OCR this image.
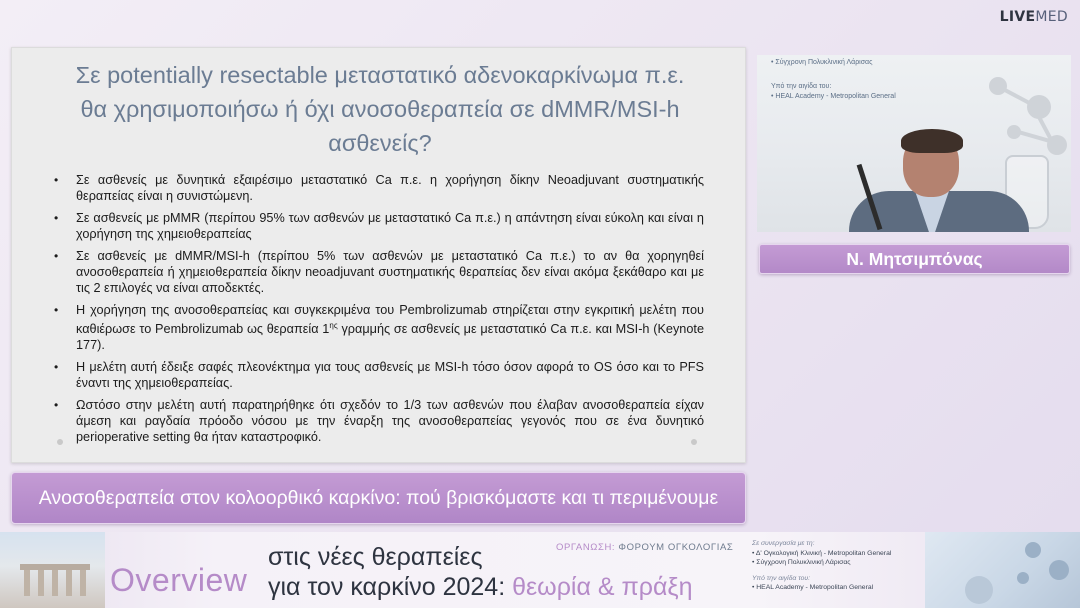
LIVEMED
Σε potentially resectable μεταστατικό αδενοκαρκίνωμα π.ε.
θα χρησιμοποιήσω ή όχι ανοσοθεραπεία σε dMMR/MSI-h
ασθενείς?
• Σε ασθενείς με δυνητικά εξαιρέσιμο μεταστατικό Ca π.ε. η χορήγηση δίκην Neoadjuvant συστηματικής θεραπείας είναι η συνιστώμενη.
• Σε ασθενείς με pMMR (περίπου 95% των ασθενών με μεταστατικό Ca π.ε.) η απάντηση είναι εύκολη και είναι η χορήγηση της χημειοθεραπείας
• Σε ασθενείς με dMMR/MSI-h (περίπου 5% των ασθενών με μεταστατικό Ca π.ε.) το αν θα χορηγηθεί ανοσοθεραπεία ή χημειοθεραπεία δίκην neoadjuvant συστηματικής θεραπείας δεν είναι ακόμα ξεκάθαρο και με τις 2 επιλογές να είναι αποδεκτές.
• Η χορήγηση της ανοσοθεραπείας και συγκεκριμένα του Pembrolizumab στηρίζεται στην εγκριτική μελέτη που καθιέρωσε το Pembrolizumab ως θεραπεία $1^{\eta\varsigma}$ γραμμής σε ασθενείς με μεταστατικό Ca π.ε. και MSI-h (Keynote 177).
• Η μελέτη αυτή έδειξε σαφές πλεονέκτημα για τους ασθενείς με MSI-h τόσο όσον αφορά το OS όσο και το PFS έναντι της χημειοθεραπείας.
• Ωστόσο στην μελέτη αυτή παρατηρήθηκε ότι σχεδόν το 1/3 των ασθενών που έλαβαν ανοσοθεραπεία είχαν άμεση και ραγδαία πρόοδο νόσου με την έναρξη της ανοσοθεραπείας γεγονός που σε ένα δυνητικό perioperative setting θα ήταν καταστροφικό.
• Σύγχρονη Πολυκλινική Λάρισας
Υπό την αιγίδα του:
• HEAL Academy - Metropolitan General
Ν. Μητσιμπόνας
Ανοσοθεραπεία στον κολοορθικό καρκίνο: πού βρισκόμαστε και τι περιμένουμε
Overview
στις νέες θεραπείες
για τον καρκίνο 2024: θεωρία & πράξη
ΟΡΓΑΝΩΣΗ: ΦΟΡΟΥΜ ΟΓΚΟΛΟΓΙΑΣ	Σε συνεργασία με τη:
• Δ' Ογκολογική Κλινική - Metropolitan General
• Σύγχρονη Πολυκλινική Λάρισας
Υπό την αιγίδα του:
• HEAL Academy - Metropolitan General
